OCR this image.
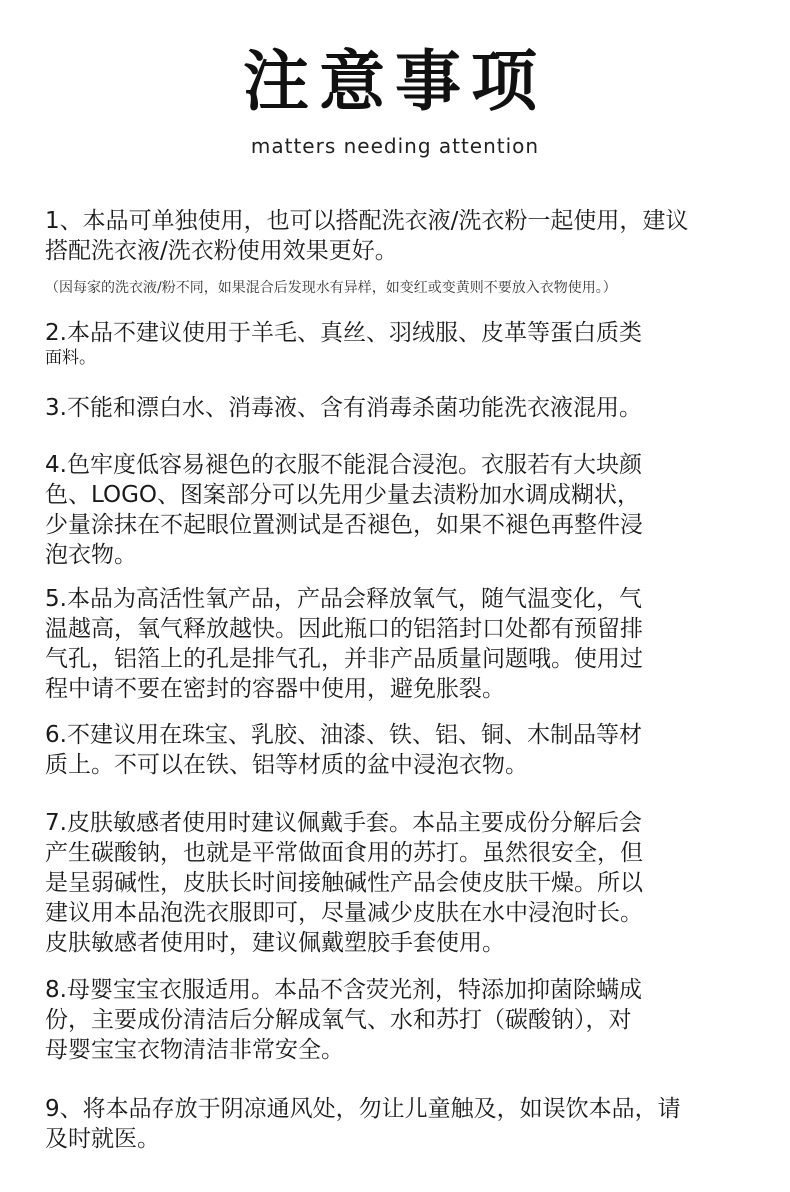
注意事项
matters needing attention
1、本品可单独使用，也可以搭配洗衣液/洗衣粉一起使用，建议
搭配洗衣液/洗衣粉使用效果更好。
（因每家的洗衣液/粉不同，如果混合后发现水有异样，如变红或变黄则不要放入衣物使用。）
2.本品不建议使用于羊毛、真丝、羽绒服、皮革等蛋白质类
面料。
3.不能和漂白水、消毒液、含有消毒杀菌功能洗衣液混用。
4.色牢度低容易褪色的衣服不能混合浸泡。衣服若有大块颜
色、LOGO、图案部分可以先用少量去渍粉加水调成糊状，
少量涂抹在不起眼位置测试是否褪色，如果不褪色再整件浸
泡衣物。
5.本品为高活性氧产品，产品会释放氧气，随气温变化，气
温越高，氧气释放越快。因此瓶口的铝箔封口处都有预留排
气孔，铝箔上的孔是排气孔，并非产品质量问题哦。使用过
程中请不要在密封的容器中使用，避免胀裂。
6.不建议用在珠宝、乳胶、油漆、铁、铝、铜、木制品等材
质上。不可以在铁、铝等材质的盆中浸泡衣物。
7.皮肤敏感者使用时建议佩戴手套。本品主要成份分解后会
产生碳酸钠，也就是平常做面食用的苏打。虽然很安全，但
是呈弱碱性，皮肤长时间接触碱性产品会使皮肤干燥。所以
建议用本品泡洗衣服即可，尽量减少皮肤在水中浸泡时长。
皮肤敏感者使用时，建议佩戴塑胶手套使用。
8.母婴宝宝衣服适用。本品不含荧光剂，特添加抑菌除螨成
份，主要成份清洁后分解成氧气、水和苏打（碳酸钠），对
母婴宝宝衣物清洁非常安全。
9、将本品存放于阴凉通风处，勿让儿童触及，如误饮本品，请
及时就医。
